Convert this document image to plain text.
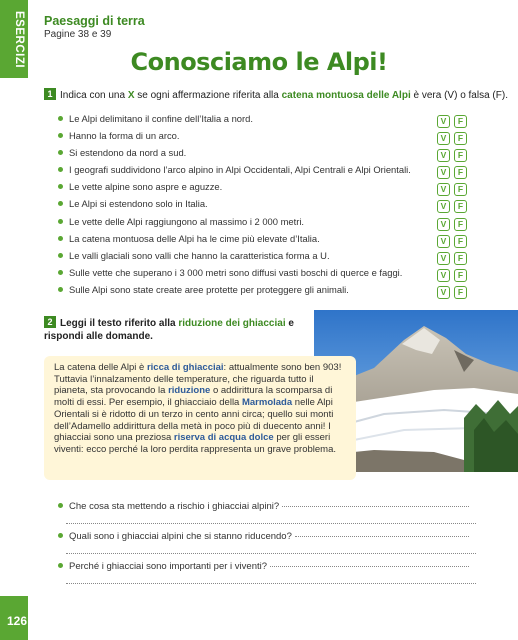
ESERCIZI
126
Paesaggi di terra
Pagine 38 e 39
Conosciamo le Alpi!
1 Indica con una X se ogni affermazione riferita alla catena montuosa delle Alpi è vera (V) o falsa (F).
Le Alpi delimitano il confine dell’Italia a nord.	V F
Hanno la forma di un arco.	V F
Si estendono da nord a sud.	V F
I geografi suddividono l’arco alpino in Alpi Occidentali, Alpi Centrali e Alpi Orientali.	V F
Le vette alpine sono aspre e aguzze.	V F
Le Alpi si estendono solo in Italia.	V F
Le vette delle Alpi raggiungono al massimo i 2 000 metri.	V F
La catena montuosa delle Alpi ha le cime più elevate d’Italia.	V F
Le valli glaciali sono valli che hanno la caratteristica forma a U.	V F
Sulle vette che superano i 3 000 metri sono diffusi vasti boschi di querce e faggi.	V F
Sulle Alpi sono state create aree protette per proteggere gli animali.	V F
2 Leggi il testo riferito alla riduzione dei ghiacciai e rispondi alle domande.

La catena delle Alpi è ricca di ghiacciai: attualmente sono ben 903! Tuttavia l’innalzamento delle temperature, che riguarda tutto il pianeta, sta provocando la riduzione o addirittura la scomparsa di molti di essi. Per esempio, il ghiacciaio della Marmolada nelle Alpi Orientali si è ridotto di un terzo in cento anni circa; quello sui monti dell’Adamello addirittura della metà in poco più di duecento anni! I ghiacciai sono una preziosa riserva di acqua dolce per gli esseri viventi: ecco perché la loro perdita rappresenta un grave problema.

Che cosa sta mettendo a rischio i ghiacciai alpini?
Quali sono i ghiacciai alpini che si stanno riducendo?
Perché i ghiacciai sono importanti per i viventi?
